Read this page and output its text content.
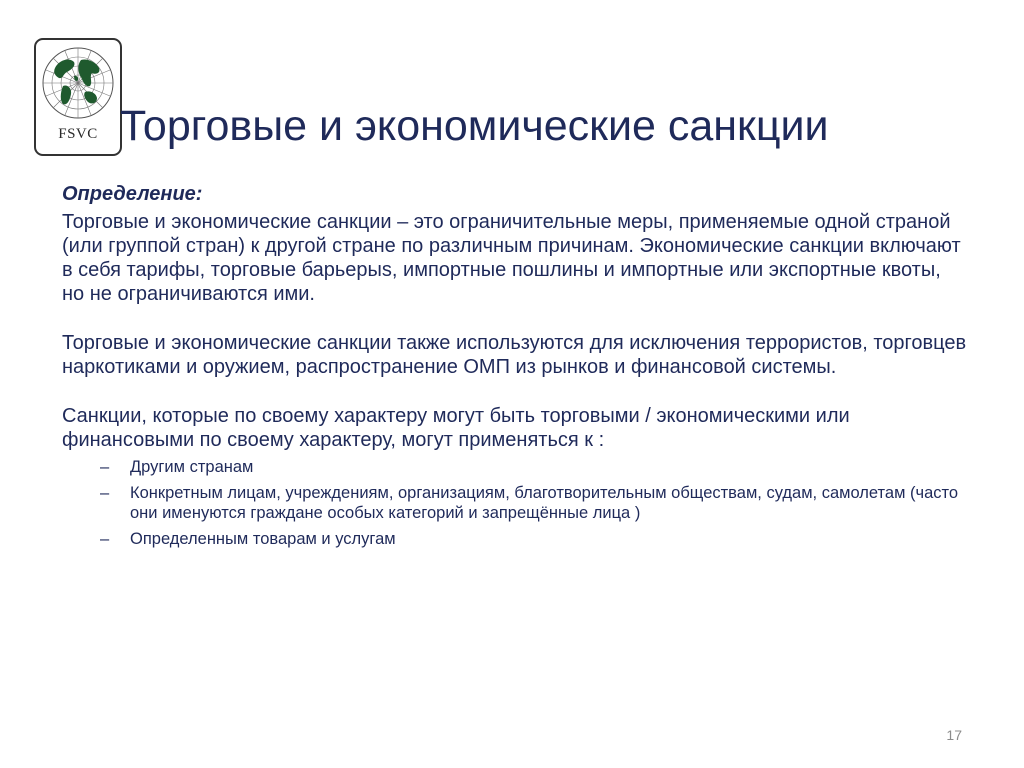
FSVC Торговые и экономические санкции

Определение:

Торговые и экономические санкции – это ограничительные меры, применяемые одной страной (или группой стран) к другой стране по различным причинам. Экономические санкции включают в себя тарифы, торговые барьерыs, импортные пошлины и импортные или экспортные квоты, но не ограничиваются ими.

Торговые и экономические санкции также используются для исключения террористов, торговцев наркотиками и оружием, распространение ОМП из рынков и финансовой системы.

Санкции, которые по своему характеру могут быть торговыми / экономическими или финансовыми по своему характеру, могут применяться к :

– Другим странам
– Конкретным лицам, учреждениям, организациям, благотворительным обществам, судам, самолетам (часто они именуются граждане особых категорий и запрещённые лица )
– Определенным товарам и услугам
17
